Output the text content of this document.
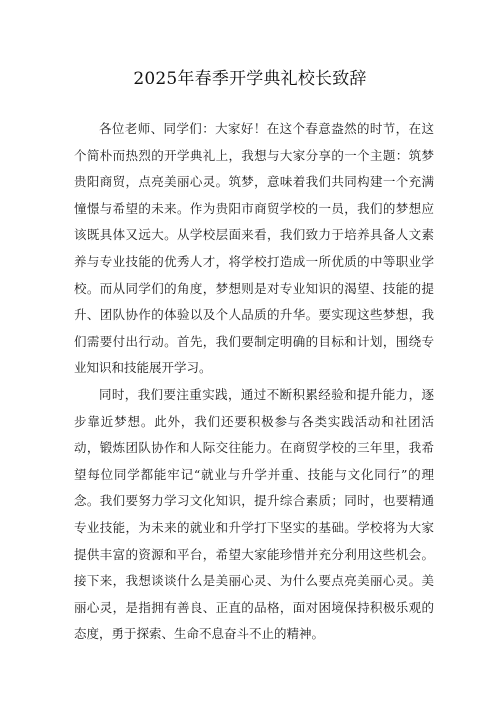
2025年春季开学典礼校长致辞

各位老师、同学们：大家好！在这个春意盎然的时节，在这个简朴而热烈的开学典礼上，我想与大家分享的一个主题：筑梦贵阳商贸，点亮美丽心灵。筑梦，意味着我们共同构建一个充满憧憬与希望的未来。作为贵阳市商贸学校的一员，我们的梦想应该既具体又远大。从学校层面来看，我们致力于培养具备人文素养与专业技能的优秀人才，将学校打造成一所优质的中等职业学校。而从同学们的角度，梦想则是对专业知识的渴望、技能的提升、团队协作的体验以及个人品质的升华。要实现这些梦想，我们需要付出行动。首先，我们要制定明确的目标和计划，围绕专业知识和技能展开学习。

同时，我们要注重实践，通过不断积累经验和提升能力，逐步靠近梦想。此外，我们还要积极参与各类实践活动和社团活动，锻炼团队协作和人际交往能力。在商贸学校的三年里，我希望每位同学都能牢记“就业与升学并重、技能与文化同行”的理念。我们要努力学习文化知识，提升综合素质；同时，也要精通专业技能，为未来的就业和升学打下坚实的基础。学校将为大家提供丰富的资源和平台，希望大家能珍惜并充分利用这些机会。接下来，我想谈谈什么是美丽心灵、为什么要点亮美丽心灵。美丽心灵，是指拥有善良、正直的品格，面对困境保持积极乐观的态度，勇于探索、生命不息奋斗不止的精神。
